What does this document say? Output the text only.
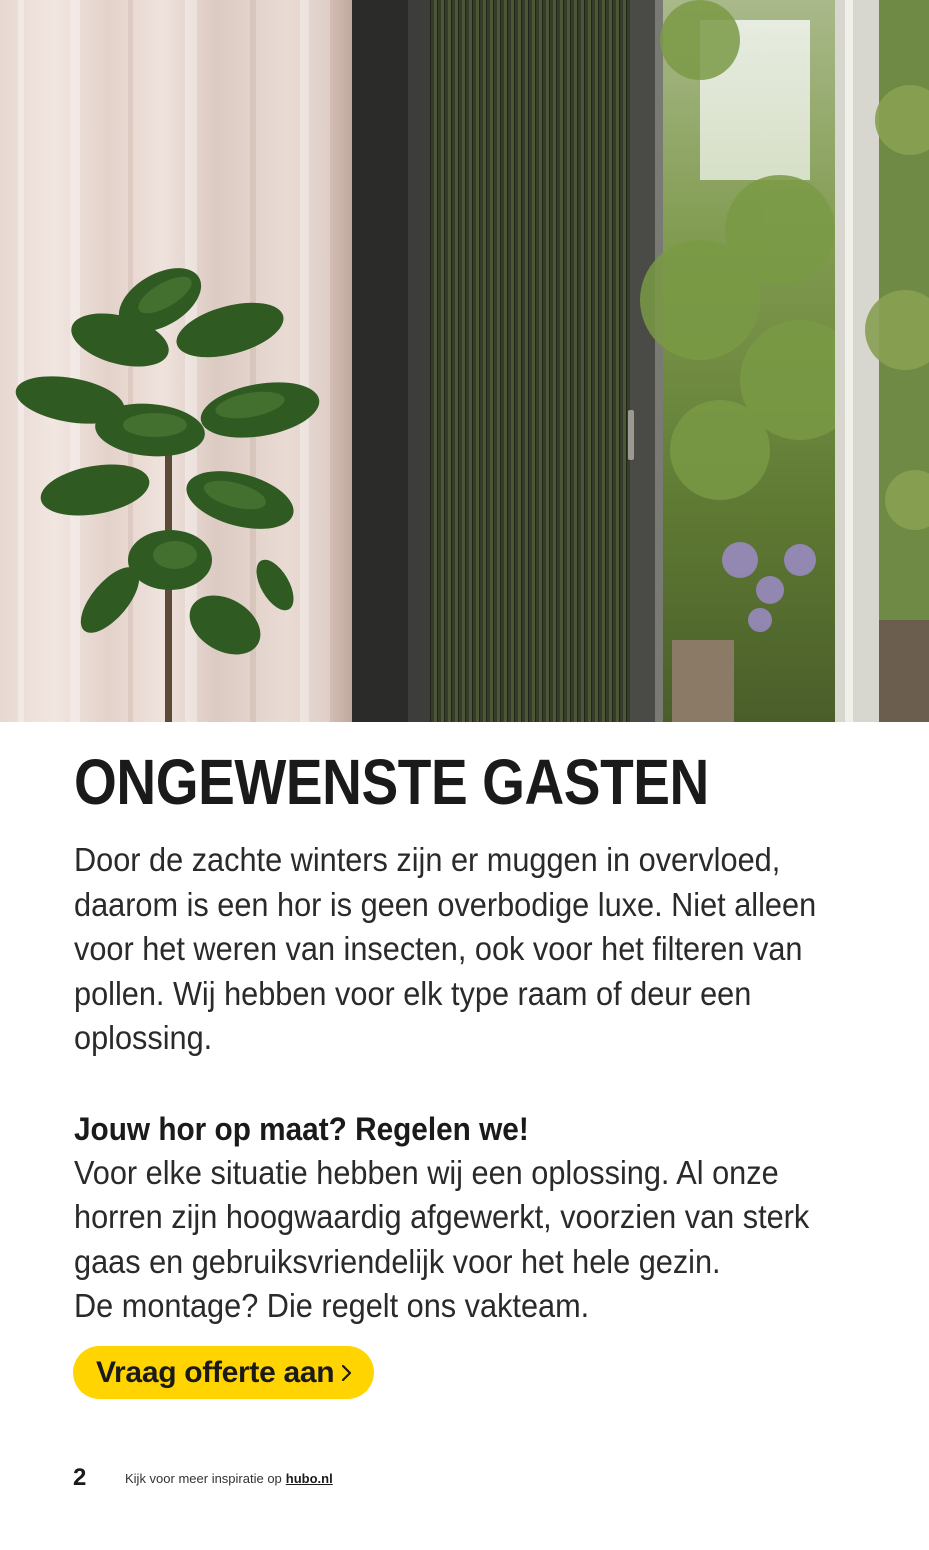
ONGEWENSTE GASTEN

Door de zachte winters zijn er muggen in overvloed,
daarom is een hor is geen overbodige luxe. Niet alleen
voor het weren van insecten, ook voor het filteren van
pollen. Wij hebben voor elk type raam of deur een
oplossing.

Jouw hor op maat? Regelen we!

Voor elke situatie hebben wij een oplossing. Al onze
horren zijn hoogwaardig afgewerkt, voorzien van sterk
gaas en gebruiksvriendelijk voor het hele gezin.
De montage? Die regelt ons vakteam.

Vraag offerte aan
2	Kijk voor meer inspiratie op hubo.nl
